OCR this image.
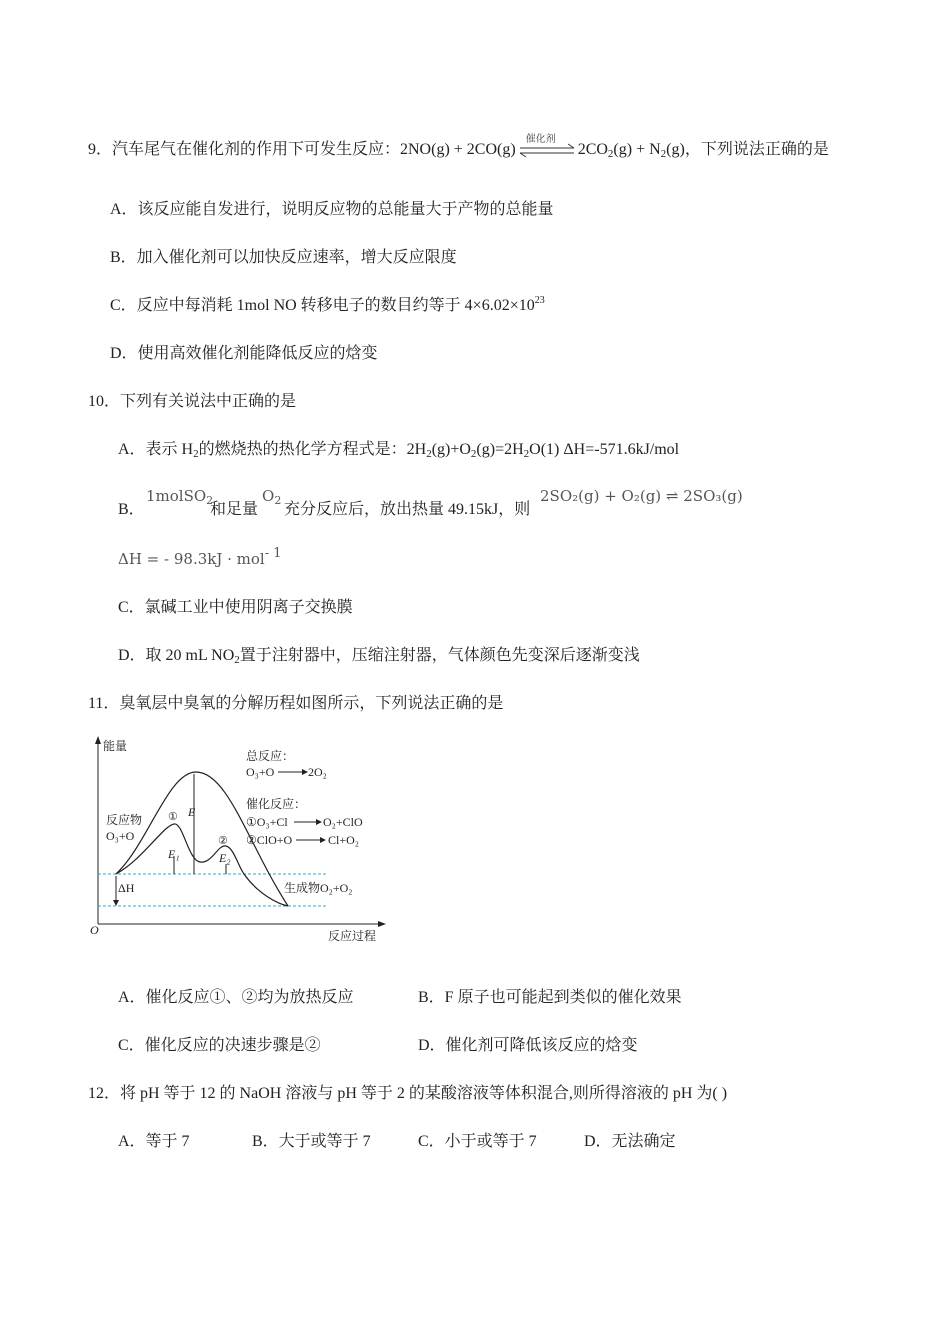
9．汽车尾气在催化剂的作用下可发生反应：2NO(g) + 2CO(g)
催化剂
$2CO_2(g) + N_2(g)$，下列说法正确的是
A．该反应能自发进行，说明反应物的总能量大于产物的总能量
B．加入催化剂可以加快反应速率，增大反应限度
C．反应中每消耗 1mol NO 转移电子的数目约等于 $4\times 6.02\times 10^{23}$
D．使用高效催化剂能降低反应的焓变
10．下列有关说法中正确的是
A．表示 $H_2$的燃烧热的热化学方程式是：$2H_2(g)+O_2(g)=2H_2O(1)$ ΔH=-571.6kJ/mol
B．
1molSO$_2$
和足量
$O_2$
充分反应后，放出热量 49.15kJ，则
2SO₂(g) + O₂(g) ⇌ 2SO₃(g)
ΔH = - 98.3kJ · mol$^{- 1}$
C．氯碱工业中使用阴离子交换膜
D．取 20 mL $NO_2$置于注射器中，压缩注射器，气体颜色先变深后逐渐变浅
11．臭氧层中臭氧的分解历程如图所示，下列说法正确的是
能量
反应过程
O
E
E₁	E₂
①
②
ΔH
反应物
O₃+O
生成物O₂+O₂
总反应：
O₃+O	2O₂
催化反应：
①O₃+Cl	O₂+ClO
②ClO+O	Cl+O₂
A．催化反应①、②均为放热反应	B．F 原子也可能起到类似的催化效果
C．催化反应的决速步骤是②	D．催化剂可降低该反应的焓变
12．将 pH 等于 12 的 NaOH 溶液与 pH 等于 2 的某酸溶液等体积混合,则所得溶液的 pH 为( )
A．等于 7	B．大于或等于 7	C．小于或等于 7	D．无法确定
